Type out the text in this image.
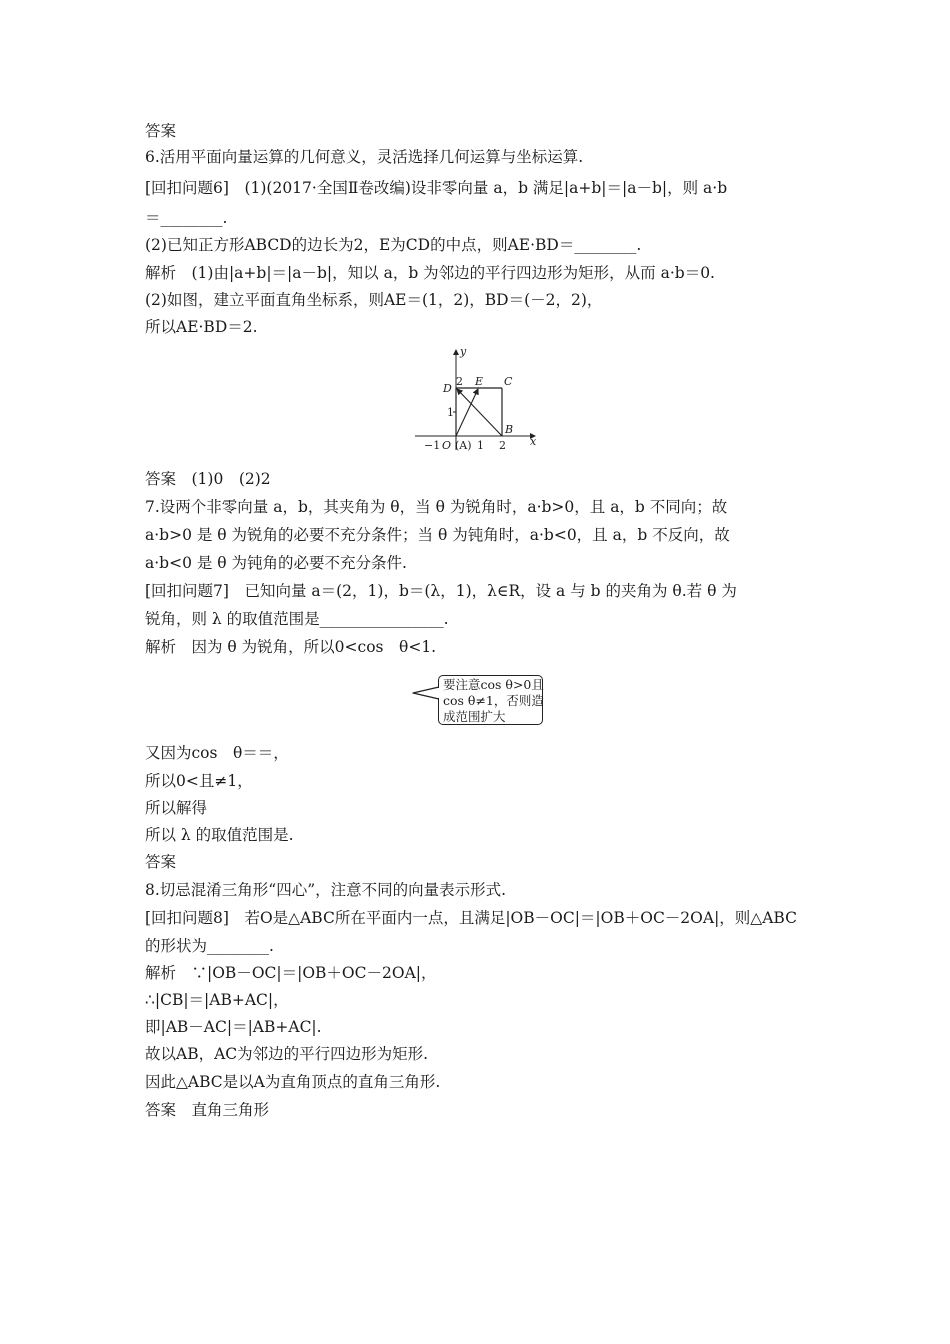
答案
6.活用平面向量运算的几何意义，灵活选择几何运算与坐标运算.
[回扣问题6]　(1)(2017·全国Ⅱ卷改编)设非零向量 a，b 满足|a+b|＝|a－b|，则 a·b
＝________.
(2)已知正方形ABCD的边长为2，E为CD的中点，则AE·BD＝________.
解析　(1)由|a+b|＝|a－b|，知以 a，b 为邻边的平行四边形为矩形，从而 a·b＝0.
(2)如图，建立平面直角坐标系，则AE＝(1，2)，BD＝(－2，2)，
所以AE·BD＝2.
y
x
D
2 E C
1
B
−1 O (A) 1 2
答案　(1)0　(2)2
7.设两个非零向量 a，b，其夹角为 θ，当 θ 为锐角时，a·b>0，且 a，b 不同向；故
a·b>0 是 θ 为锐角的必要不充分条件；当 θ 为钝角时，a·b<0，且 a，b 不反向，故
a·b<0 是 θ 为钝角的必要不充分条件.
[回扣问题7]　已知向量 a＝(2，1)，b＝(λ，1)，λ∈R，设 a 与 b 的夹角为 θ.若 θ 为
锐角，则 λ 的取值范围是________________.
解析　因为 θ 为锐角，所以0<cos　θ<1.
要注意cos θ>0且
cos θ≠1，否则造
成范围扩大
又因为cos　θ＝＝，
所以0<且≠1，
所以解得
所以 λ 的取值范围是.
答案
8.切忌混淆三角形“四心”，注意不同的向量表示形式.
[回扣问题8]　若O是△ABC所在平面内一点，且满足|OB－OC|＝|OB＋OC－2OA|，则△ABC
的形状为________.
解析　∵|OB－OC|＝|OB＋OC－2OA|，
∴|CB|＝|AB+AC|，
即|AB－AC|＝|AB+AC|.
故以AB，AC为邻边的平行四边形为矩形.
因此△ABC是以A为直角顶点的直角三角形.
答案　直角三角形
